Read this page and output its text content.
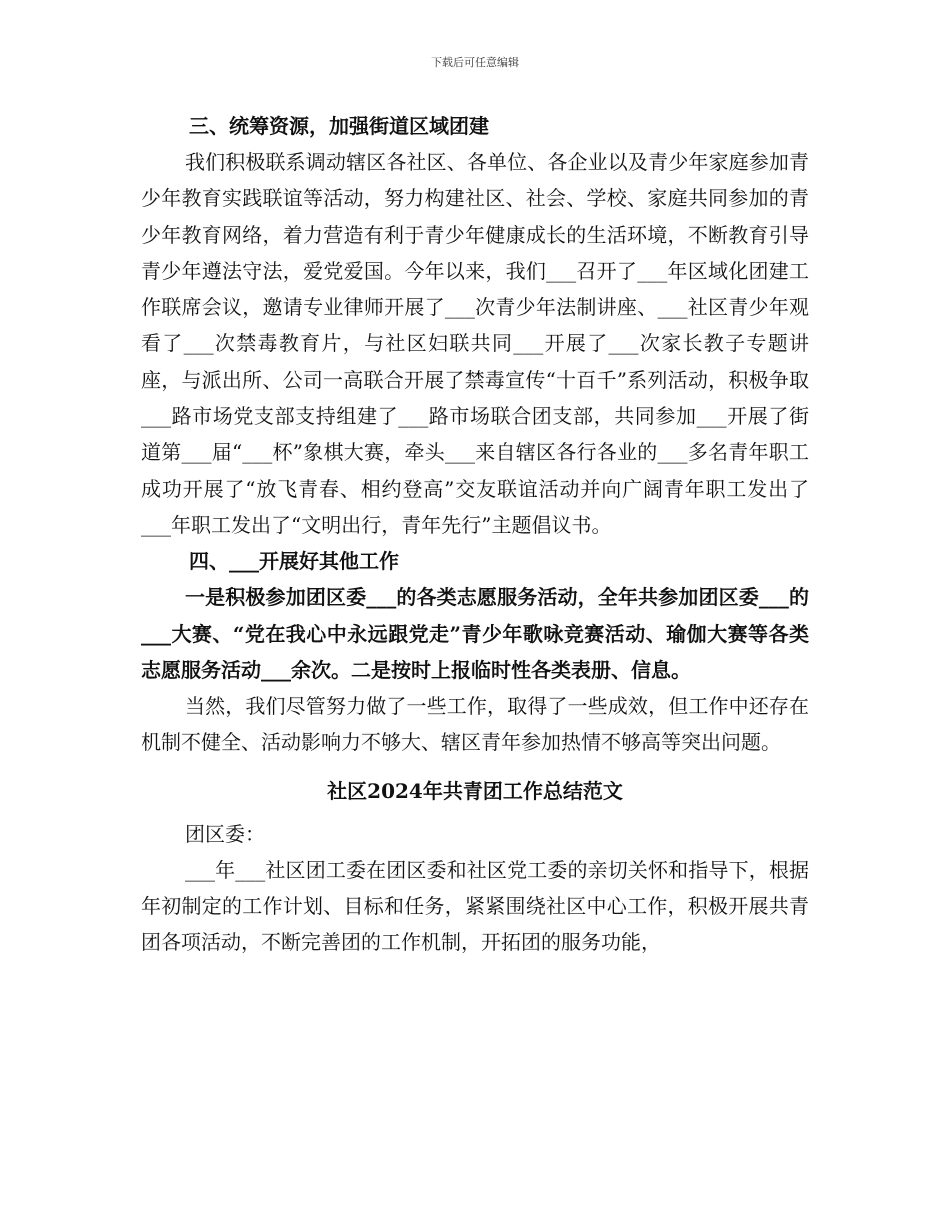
下载后可任意编辑

三、统筹资源，加强街道区域团建

我们积极联系调动辖区各社区、各单位、各企业以及青少年家庭参加青少年教育实践联谊等活动，努力构建社区、社会、学校、家庭共同参加的青少年教育网络，着力营造有利于青少年健康成长的生活环境，不断教育引导青少年遵法守法，爱党爱国。今年以来，我们___召开了___年区域化团建工作联席会议，邀请专业律师开展了___次青少年法制讲座、___社区青少年观看了___次禁毒教育片，与社区妇联共同___开展了___次家长教子专题讲座，与派出所、公司一高联合开展了禁毒宣传“十百千”系列活动，积极争取___路市场党支部支持组建了___路市场联合团支部，共同参加___开展了街道第___届“___杯”象棋大赛，牵头___来自辖区各行各业的___多名青年职工成功开展了“放飞青春、相约登高”交友联谊活动并向广阔青年职工发出了___年职工发出了“文明出行，青年先行”主题倡议书。

四、___开展好其他工作

一是积极参加团区委___的各类志愿服务活动，全年共参加团区委___的___大赛、“党在我心中永远跟党走”青少年歌咏竞赛活动、瑜伽大赛等各类志愿服务活动___余次。二是按时上报临时性各类表册、信息。

当然，我们尽管努力做了一些工作，取得了一些成效，但工作中还存在机制不健全、活动影响力不够大、辖区青年参加热情不够高等突出问题。

社区2024年共青团工作总结范文

团区委：

___年___社区团工委在团区委和社区党工委的亲切关怀和指导下，根据年初制定的工作计划、目标和任务，紧紧围绕社区中心工作，积极开展共青团各项活动，不断完善团的工作机制，开拓团的服务功能，
